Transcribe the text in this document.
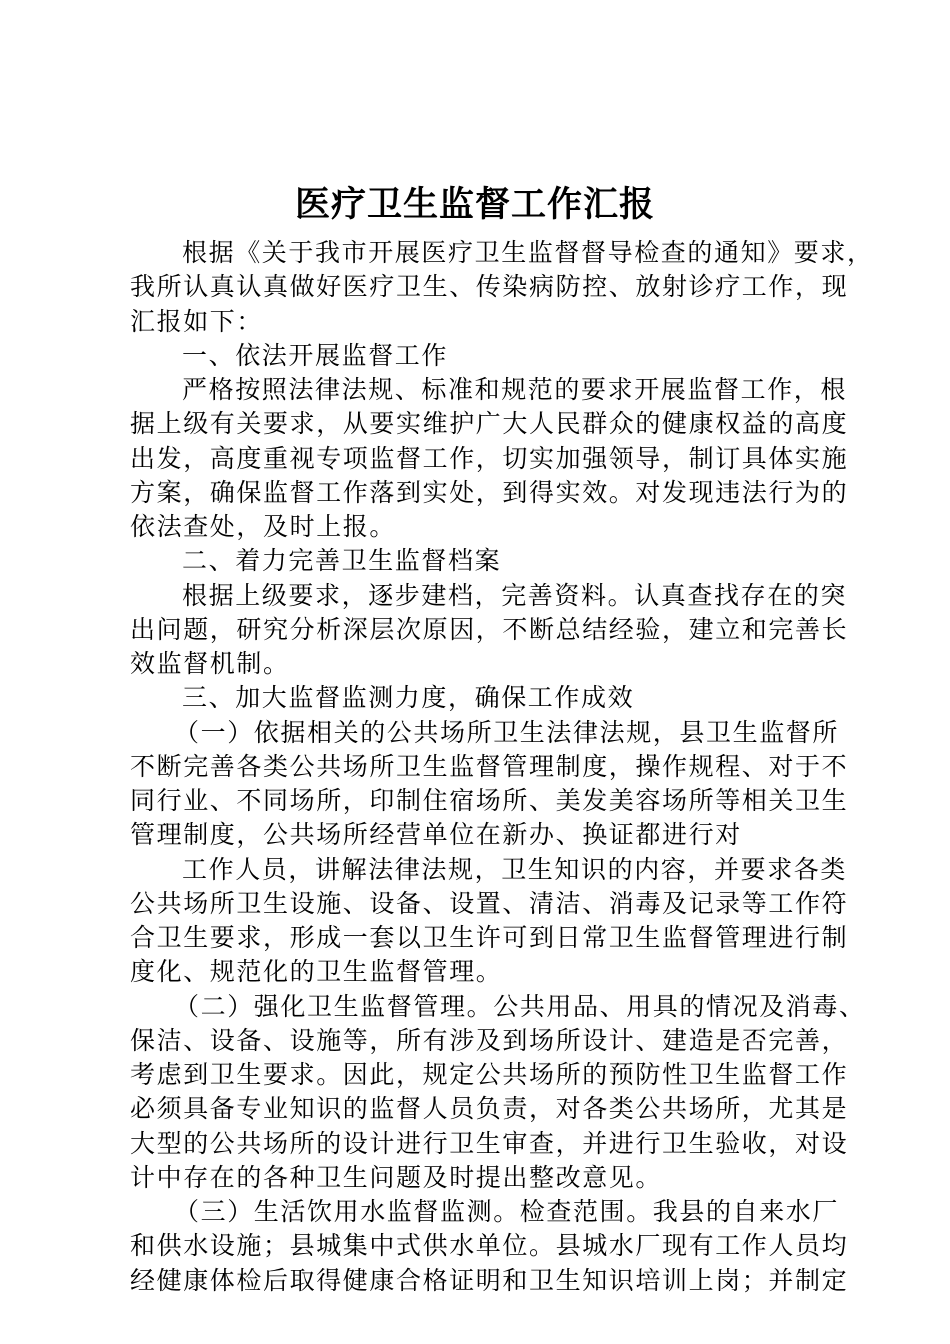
医疗卫生监督工作汇报
根据《关于我市开展医疗卫生监督督导检查的通知》要求，
我所认真认真做好医疗卫生、传染病防控、放射诊疗工作，现
汇报如下：
一、依法开展监督工作
严格按照法律法规、标准和规范的要求开展监督工作，根
据上级有关要求，从要实维护广大人民群众的健康权益的高度
出发，高度重视专项监督工作，切实加强领导，制订具体实施
方案，确保监督工作落到实处，到得实效。对发现违法行为的
依法查处，及时上报。
二、着力完善卫生监督档案
根据上级要求，逐步建档，完善资料。认真查找存在的突
出问题，研究分析深层次原因，不断总结经验，建立和完善长
效监督机制。
三、加大监督监测力度，确保工作成效
（一）依据相关的公共场所卫生法律法规，县卫生监督所
不断完善各类公共场所卫生监督管理制度，操作规程、对于不
同行业、不同场所，印制住宿场所、美发美容场所等相关卫生
管理制度，公共场所经营单位在新办、换证都进行对
工作人员，讲解法律法规，卫生知识的内容，并要求各类
公共场所卫生设施、设备、设置、清洁、消毒及记录等工作符
合卫生要求，形成一套以卫生许可到日常卫生监督管理进行制
度化、规范化的卫生监督管理。
（二）强化卫生监督管理。公共用品、用具的情况及消毒、
保洁、设备、设施等，所有涉及到场所设计、建造是否完善，
考虑到卫生要求。因此，规定公共场所的预防性卫生监督工作
必须具备专业知识的监督人员负责，对各类公共场所，尤其是
大型的公共场所的设计进行卫生审查，并进行卫生验收，对设
计中存在的各种卫生问题及时提出整改意见。
（三）生活饮用水监督监测。检查范围。我县的自来水厂
和供水设施；县城集中式供水单位。县城水厂现有工作人员均
经健康体检后取得健康合格证明和卫生知识培训上岗；并制定
